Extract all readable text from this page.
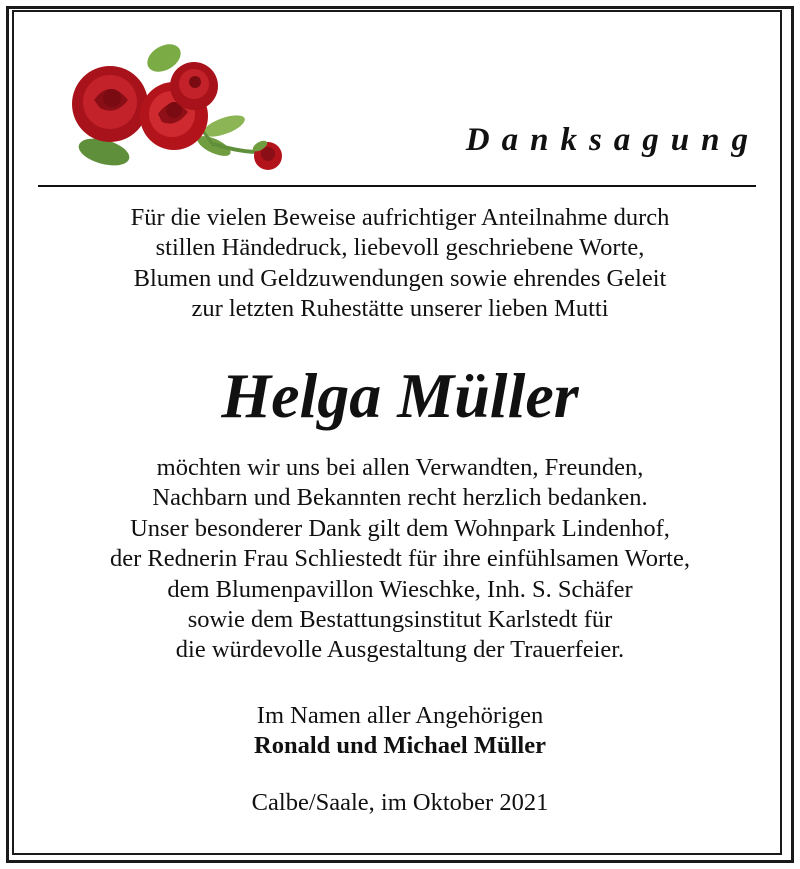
Danksagung
Für die vielen Beweise aufrichtiger Anteilnahme durch
stillen Händedruck, liebevoll geschriebene Worte,
Blumen und Geldzuwendungen sowie ehrendes Geleit
zur letzten Ruhestätte unserer lieben Mutti
Helga Müller
möchten wir uns bei allen Verwandten, Freunden,
Nachbarn und Bekannten recht herzlich bedanken.
Unser besonderer Dank gilt dem Wohnpark Lindenhof,
der Rednerin Frau Schliestedt für ihre einfühlsamen Worte,
dem Blumenpavillon Wieschke, Inh. S. Schäfer
sowie dem Bestattungsinstitut Karlstedt für
die würdevolle Ausgestaltung der Trauerfeier.
Im Namen aller Angehörigen
Ronald und Michael Müller
Calbe/Saale, im Oktober 2021
